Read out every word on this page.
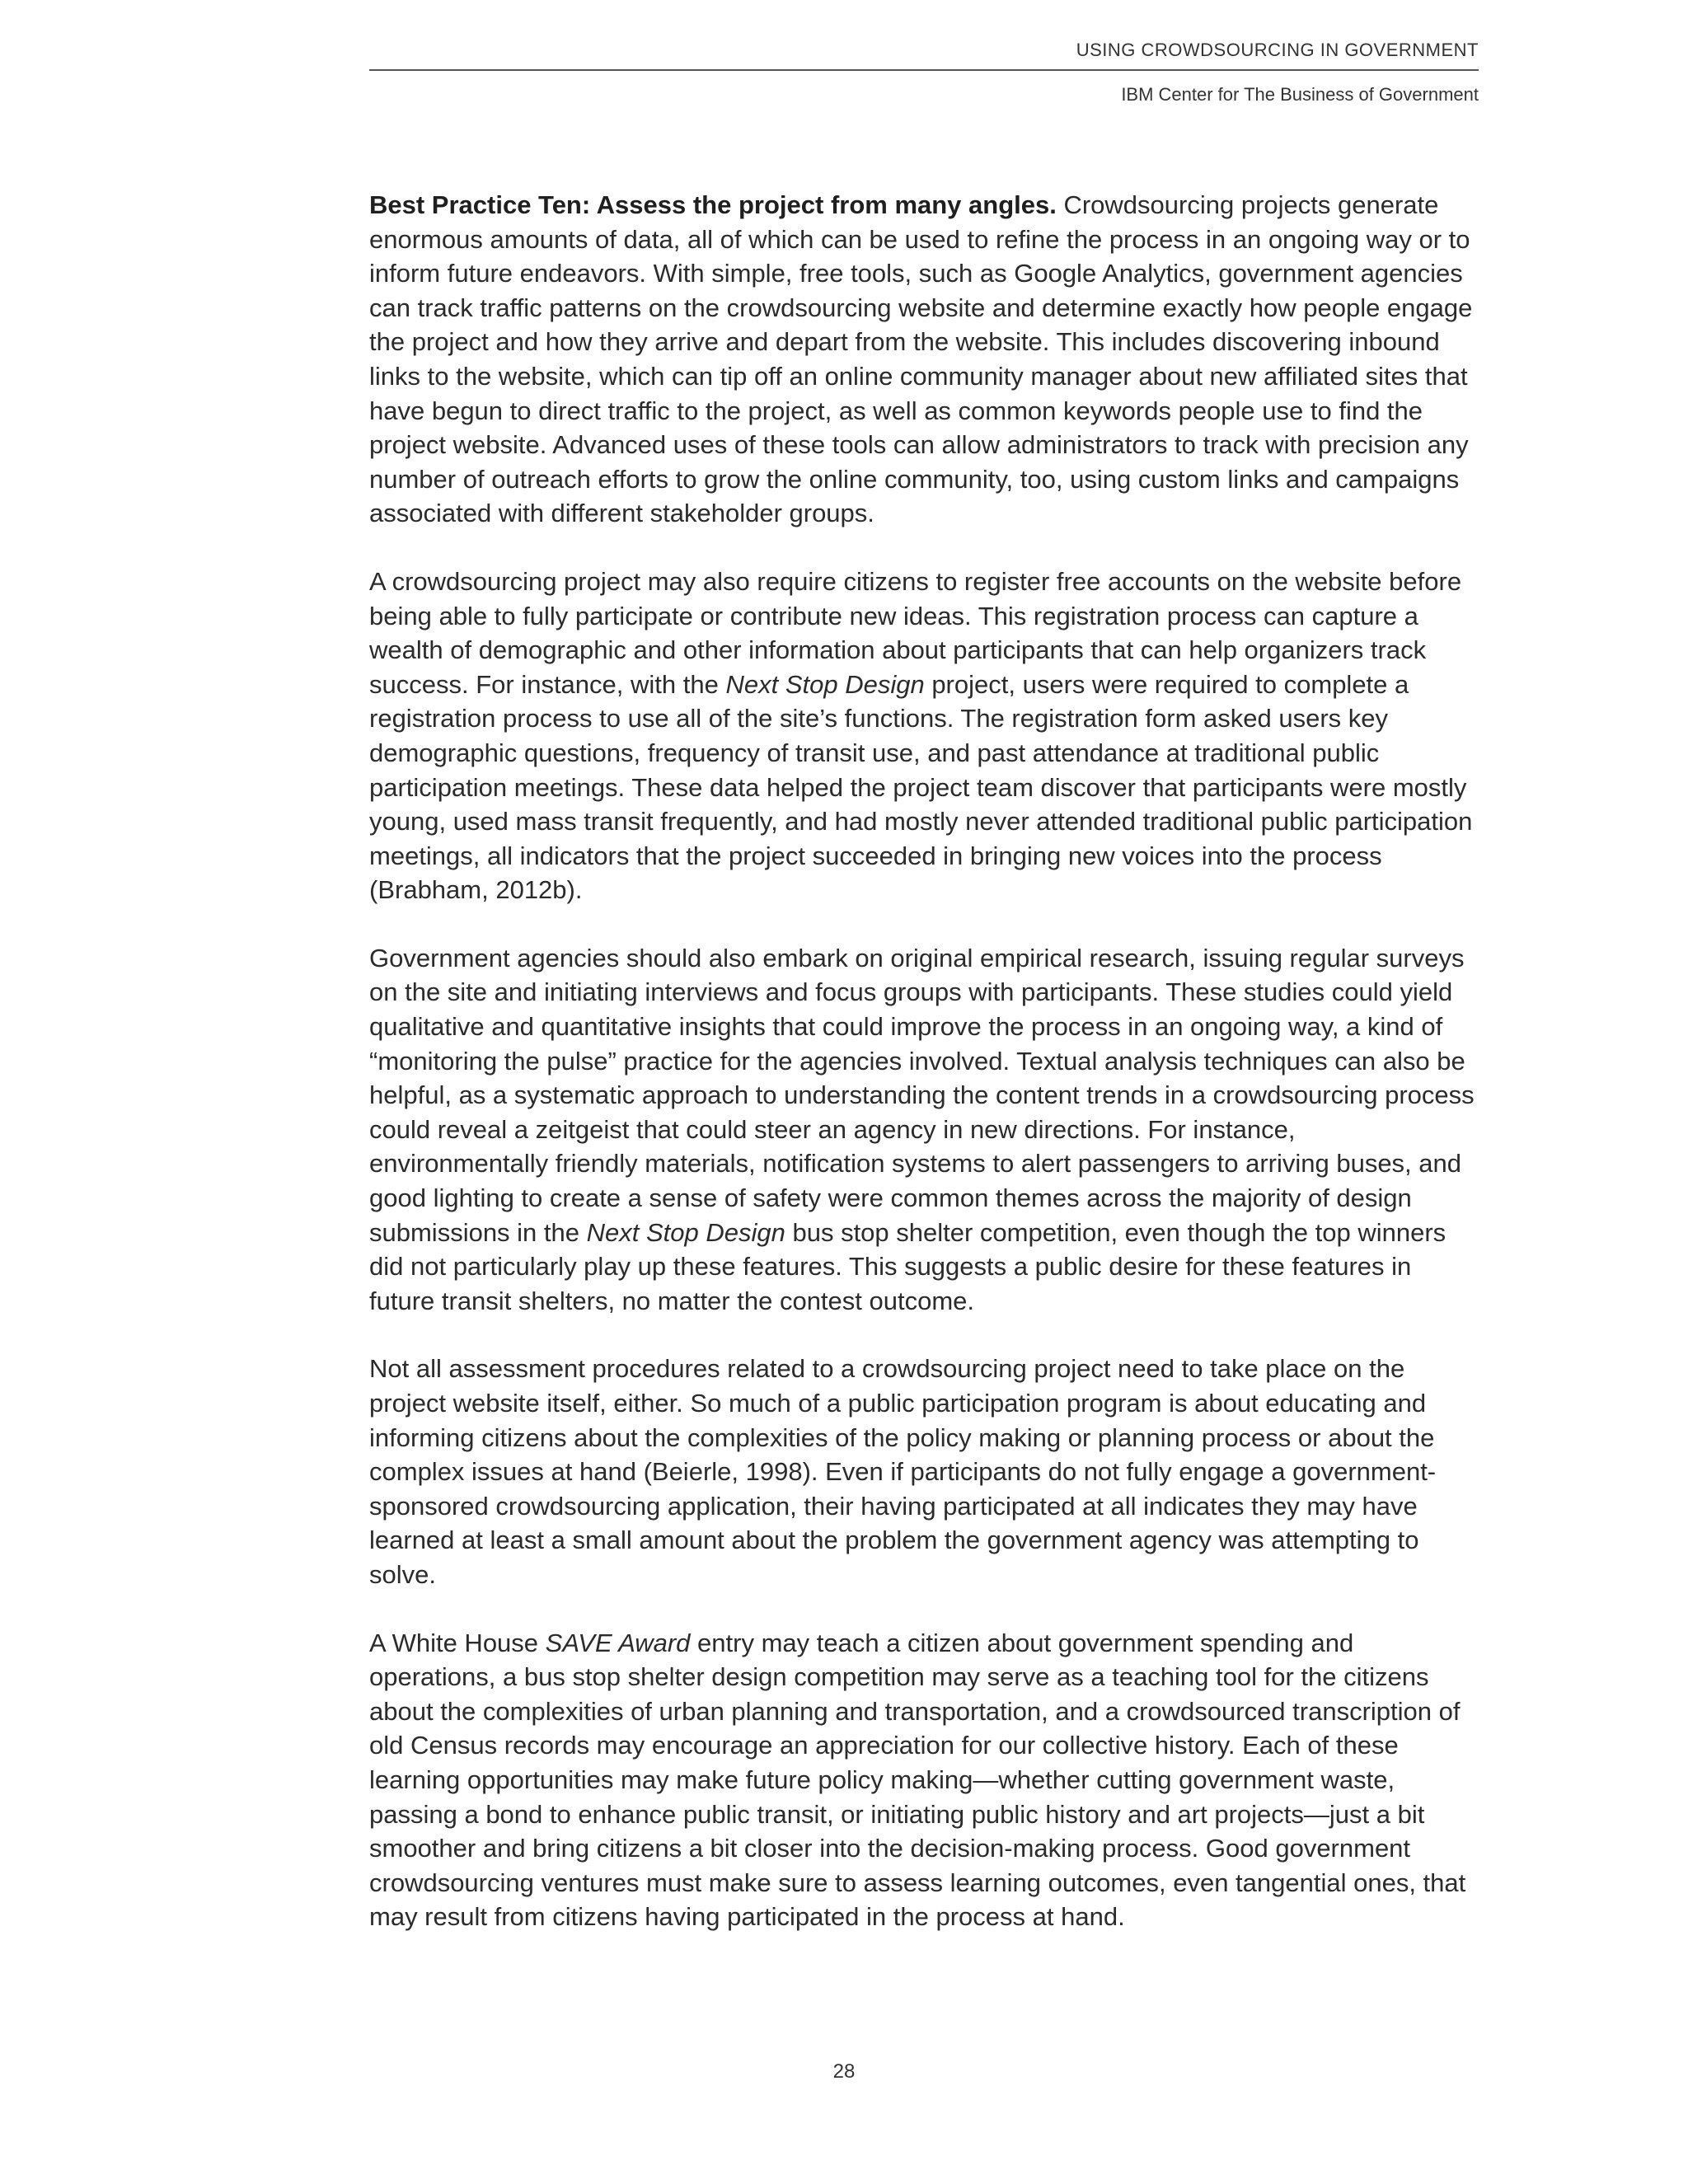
USING CROWDSOURCING IN GOVERNMENT

IBM Center for The Business of Government

Best Practice Ten: Assess the project from many angles. Crowdsourcing projects generate enormous amounts of data, all of which can be used to refine the process in an ongoing way or to inform future endeavors. With simple, free tools, such as Google Analytics, government agencies can track traffic patterns on the crowdsourcing website and determine exactly how people engage the project and how they arrive and depart from the website. This includes discovering inbound links to the website, which can tip off an online community manager about new affiliated sites that have begun to direct traffic to the project, as well as common keywords people use to find the project website. Advanced uses of these tools can allow administrators to track with precision any number of outreach efforts to grow the online community, too, using custom links and campaigns associated with different stakeholder groups.

A crowdsourcing project may also require citizens to register free accounts on the website before being able to fully participate or contribute new ideas. This registration process can capture a wealth of demographic and other information about participants that can help organizers track success. For instance, with the Next Stop Design project, users were required to complete a registration process to use all of the site’s functions. The registration form asked users key demographic questions, frequency of transit use, and past attendance at traditional public participation meetings. These data helped the project team discover that participants were mostly young, used mass transit frequently, and had mostly never attended traditional public participation meetings, all indicators that the project succeeded in bringing new voices into the process (Brabham, 2012b).

Government agencies should also embark on original empirical research, issuing regular surveys on the site and initiating interviews and focus groups with participants. These studies could yield qualitative and quantitative insights that could improve the process in an ongoing way, a kind of “monitoring the pulse” practice for the agencies involved. Textual analysis techniques can also be helpful, as a systematic approach to understanding the content trends in a crowdsourcing process could reveal a zeitgeist that could steer an agency in new directions. For instance, environmentally friendly materials, notification systems to alert passengers to arriving buses, and good lighting to create a sense of safety were common themes across the majority of design submissions in the Next Stop Design bus stop shelter competition, even though the top winners did not particularly play up these features. This suggests a public desire for these features in future transit shelters, no matter the contest outcome.

Not all assessment procedures related to a crowdsourcing project need to take place on the project website itself, either. So much of a public participation program is about educating and informing citizens about the complexities of the policy making or planning process or about the complex issues at hand (Beierle, 1998). Even if participants do not fully engage a government-sponsored crowdsourcing application, their having participated at all indicates they may have learned at least a small amount about the problem the government agency was attempting to solve.

A White House SAVE Award entry may teach a citizen about government spending and operations, a bus stop shelter design competition may serve as a teaching tool for the citizens about the complexities of urban planning and transportation, and a crowdsourced transcription of old Census records may encourage an appreciation for our collective history. Each of these learning opportunities may make future policy making—whether cutting government waste, passing a bond to enhance public transit, or initiating public history and art projects—just a bit smoother and bring citizens a bit closer into the decision-making process. Good government crowdsourcing ventures must make sure to assess learning outcomes, even tangential ones, that may result from citizens having participated in the process at hand.

28
